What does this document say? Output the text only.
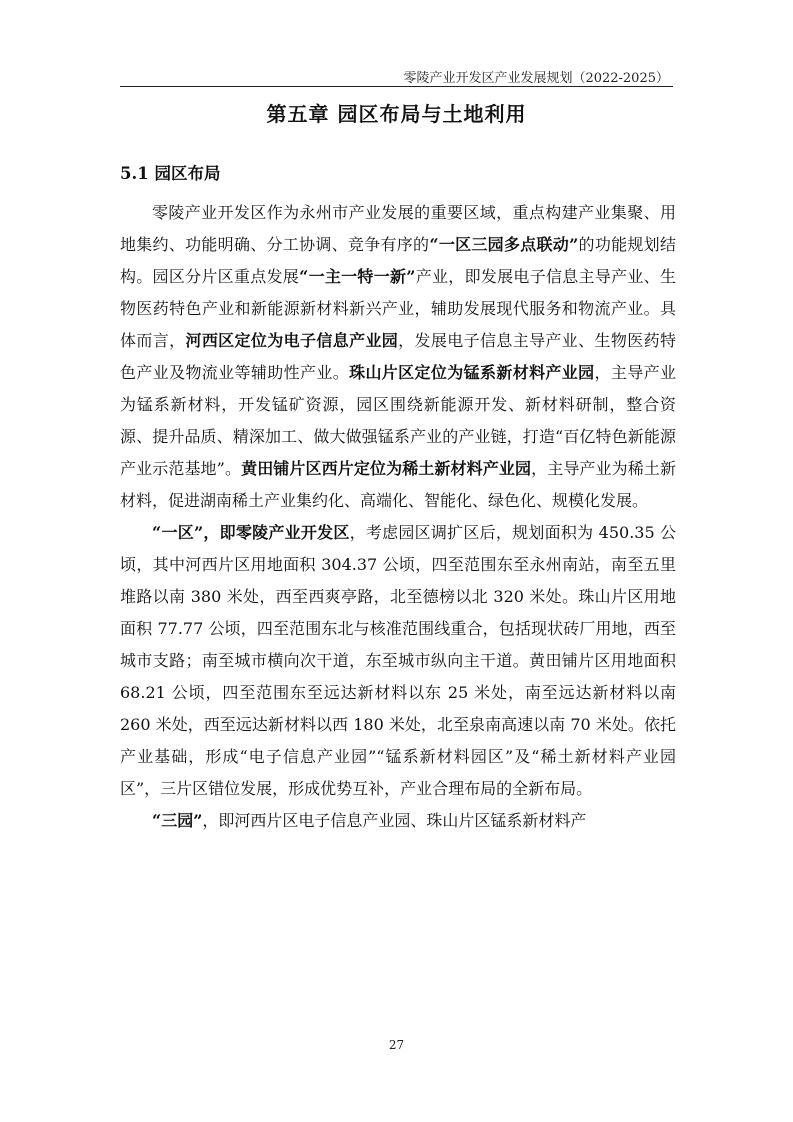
零陵产业开发区产业发展规划（2022-2025）
第五章 园区布局与土地利用
5.1 园区布局

零陵产业开发区作为永州市产业发展的重要区域，重点构建产业集聚、用地集约、功能明确、分工协调、竞争有序的“一区三园多点联动”的功能规划结构。园区分片区重点发展“一主一特一新”产业，即发展电子信息主导产业、生物医药特色产业和新能源新材料新兴产业，辅助发展现代服务和物流产业。具体而言，河西区定位为电子信息产业园，发展电子信息主导产业、生物医药特色产业及物流业等辅助性产业。珠山片区定位为锰系新材料产业园，主导产业为锰系新材料，开发锰矿资源，园区围绕新能源开发、新材料研制，整合资源、提升品质、精深加工、做大做强锰系产业的产业链，打造“百亿特色新能源产业示范基地”。黄田铺片区西片定位为稀土新材料产业园，主导产业为稀土新材料，促进湖南稀土产业集约化、高端化、智能化、绿色化、规模化发展。

“一区”，即零陵产业开发区，考虑园区调扩区后，规划面积为 450.35 公顷，其中河西片区用地面积 304.37 公顷，四至范围东至永州南站，南至五里堆路以南 380 米处，西至西爽亭路，北至德榜以北 320 米处。珠山片区用地面积 77.77 公顷，四至范围东北与核准范围线重合，包括现状砖厂用地，西至城市支路；南至城市横向次干道，东至城市纵向主干道。黄田铺片区用地面积 68.21 公顷，四至范围东至远达新材料以东 25 米处，南至远达新材料以南 260 米处，西至远达新材料以西 180 米处，北至泉南高速以南 70 米处。依托产业基础，形成“电子信息产业园”“锰系新材料园区”及“稀土新材料产业园区”，三片区错位发展，形成优势互补，产业合理布局的全新布局。

“三园”，即河西片区电子信息产业园、珠山片区锰系新材料产

27
